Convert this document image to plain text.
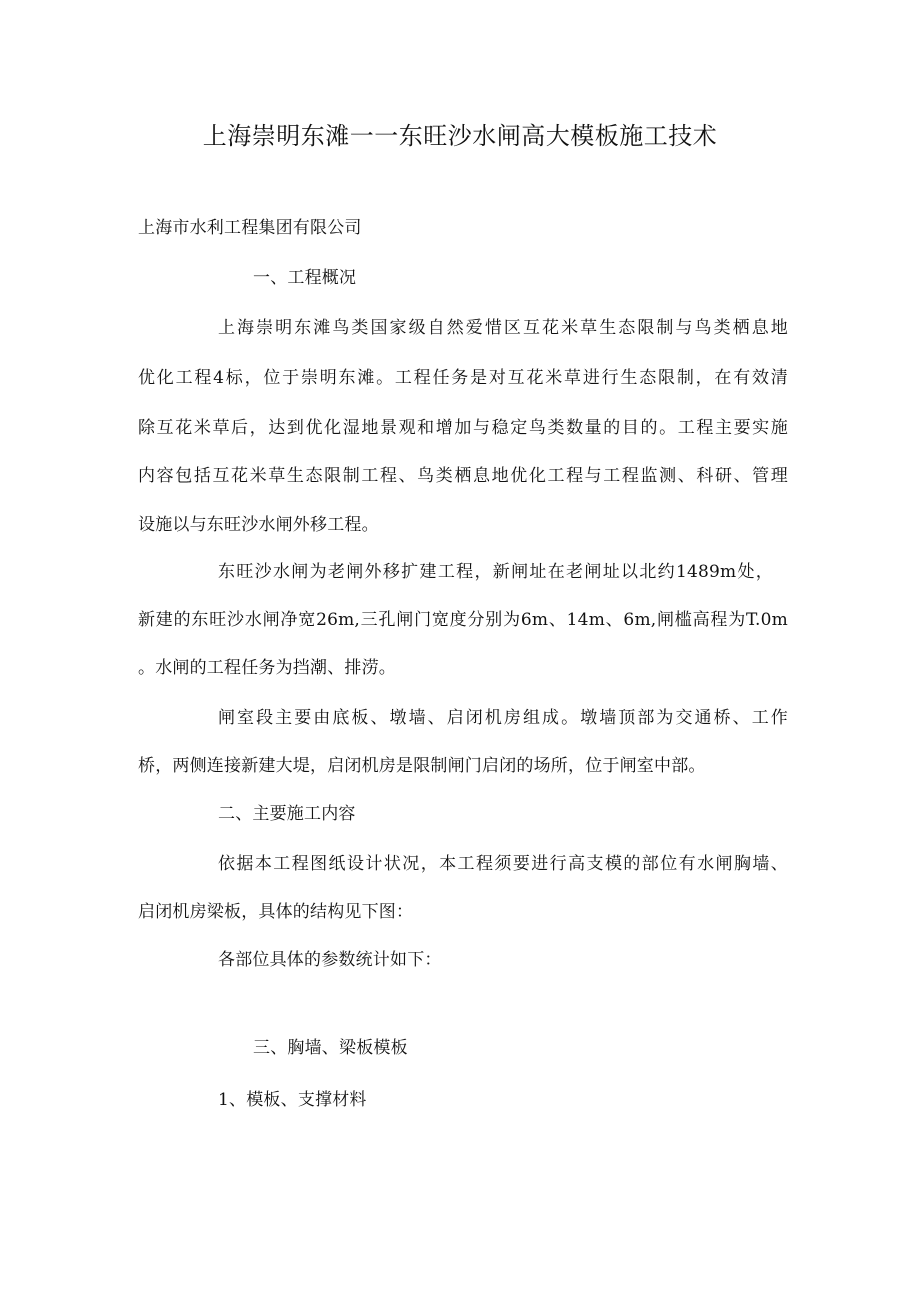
上海崇明东滩一一东旺沙水闸高大模板施工技术
上海市水利工程集团有限公司
一、工程概况
上海崇明东滩鸟类国家级自然爱惜区互花米草生态限制与鸟类栖息地
优化工程4标，位于崇明东滩。工程任务是对互花米草进行生态限制，在有效清
除互花米草后，达到优化湿地景观和增加与稳定鸟类数量的目的。工程主要实施
内容包括互花米草生态限制工程、鸟类栖息地优化工程与工程监测、科研、管理
设施以与东旺沙水闸外移工程。
东旺沙水闸为老闸外移扩建工程，新闸址在老闸址以北约1489m处，
新建的东旺沙水闸净宽26m,三孔闸门宽度分别为6m、14m、6m,闸槛高程为T.0m
。水闸的工程任务为挡潮、排涝。
闸室段主要由底板、墩墙、启闭机房组成。墩墙顶部为交通桥、工作
桥，两侧连接新建大堤，启闭机房是限制闸门启闭的场所，位于闸室中部。
二、主要施工内容
依据本工程图纸设计状况，本工程须要进行高支模的部位有水闸胸墙、
启闭机房梁板，具体的结构见下图：
各部位具体的参数统计如下：
三、胸墙、梁板模板
1、模板、支撑材料
